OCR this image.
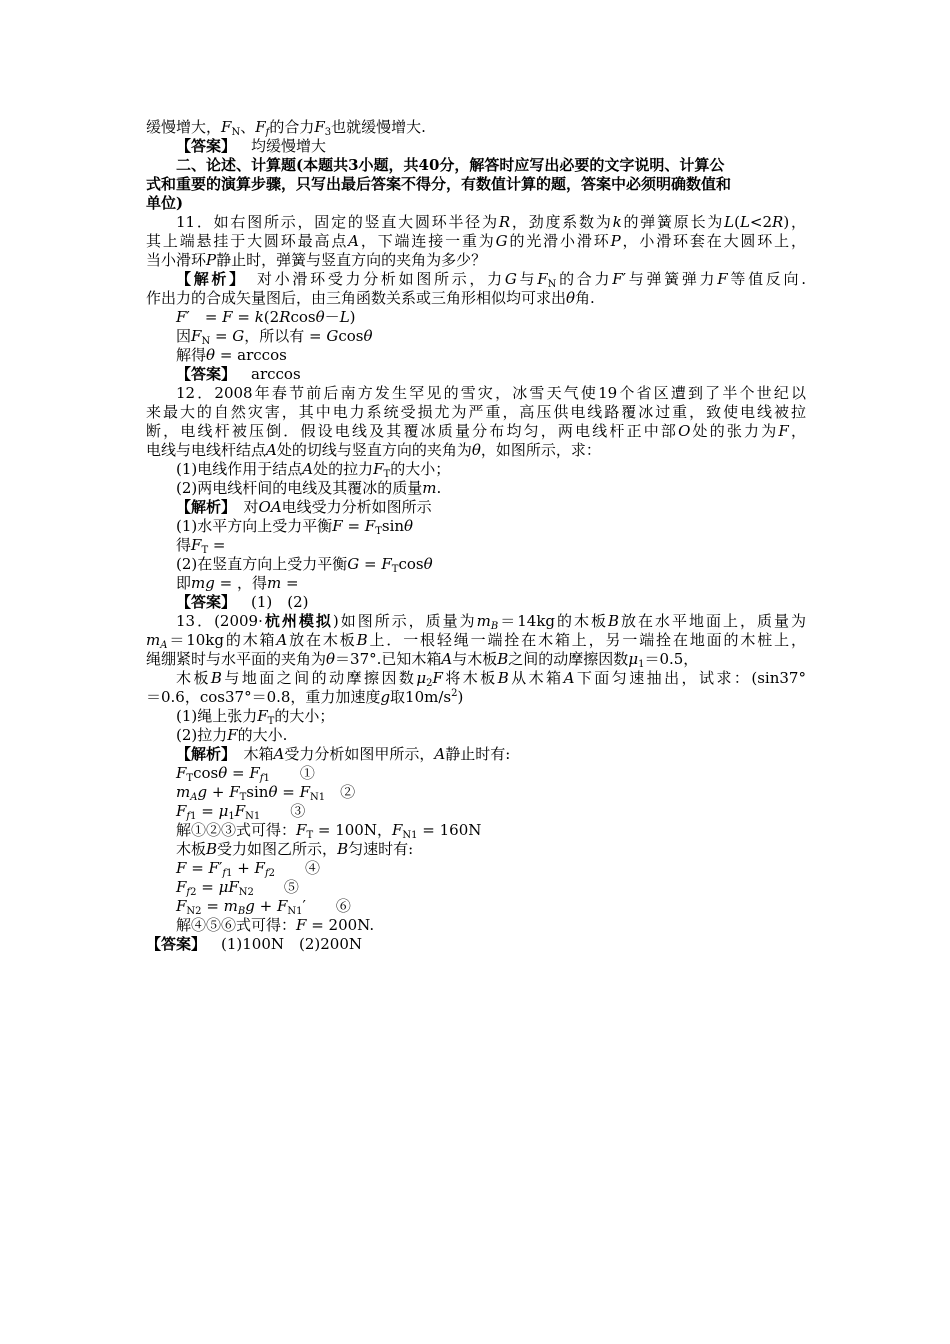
缓慢增大，$F_N$、$F_f$的合力$F_3$也就缓慢增大.
【答案】 均缓慢增大
二、论述、计算题(本题共3小题，共40分，解答时应写出必要的文字说明、计算公
式和重要的演算步骤，只写出最后答案不得分，有数值计算的题，答案中必须明确数值和
单位)
11．如右图所示，固定的竖直大圆环半径为R，劲度系数为k的弹簧原长为L(L<2R)，
其上端悬挂于大圆环最高点A，下端连接一重为G的光滑小滑环P，小滑环套在大圆环上，
当小滑环P静止时，弹簧与竖直方向的夹角为多少？
【解析】　对小滑环受力分析如图所示，力G与$F_N$的合力F′与弹簧弹力F等值反向.
作出力的合成矢量图后，由三角函数关系或三角形相似均可求出θ角.
F′　= F = k(2Rcosθ－L)
因$F_N = G$，所以有 = Gcosθ
解得θ = arccos
【答案】 arccos
12．2008年春节前后南方发生罕见的雪灾，冰雪天气使19个省区遭到了半个世纪以
来最大的自然灾害，其中电力系统受损尤为严重，高压供电线路覆冰过重，致使电线被拉
断，电线杆被压倒．假设电线及其覆冰质量分布均匀，两电线杆正中部O处的张力为F，
电线与电线杆结点A处的切线与竖直方向的夹角为θ，如图所示，求：
(1)电线作用于结点A处的拉力$F_T$的大小；
(2)两电线杆间的电线及其覆冰的质量m.
【解析】　对OA电线受力分析如图所示
(1)水平方向上受力平衡$F = F_T\sin\theta$
得$F_T$ =
(2)在竖直方向上受力平衡$G = F_T\cos\theta$
即mg = ，得m =
【答案】 (1)　(2)
13．(2009·杭州模拟)如图所示，质量为$m_B=14kg$的木板B放在水平地面上，质量为
$m_A=10kg$的木箱A放在木板B上．一根轻绳一端拴在木箱上，另一端拴在地面的木桩上，
绳绷紧时与水平面的夹角为θ＝37°.已知木箱A与木板B之间的动摩擦因数$\mu_1=0.5$，
木板B与地面之间的动摩擦因数$\mu_2F$将木板B从木箱A下面匀速抽出，试求：(sin37°
＝0.6，cos37°＝0.8，重力加速度g取$10m/s^2$)
(1)绳上张力$F_T$的大小；
(2)拉力F的大小.
【解析】　木箱A受力分析如图甲所示，A静止时有:
$F_T\cos\theta = F_{f1}$　　①
$m_Ag + F_T\sin\theta = F_{N1}$　②
$F_{f1} = \mu_1F_{N1}$　　③
解①②③式可得：$F_T = 100N$，$F_{N1} = 160N$
木板B受力如图乙所示，B匀速时有:
$F = F'_{f1} + F_{f2}$　　④
$F_{f2} = \mu F_{N2}$　　⑤
$F_{N2} = m_Bg + F_{N1}'$　　⑥
解④⑤⑥式可得：F = 200N.
【答案】 (1)100N　(2)200N
